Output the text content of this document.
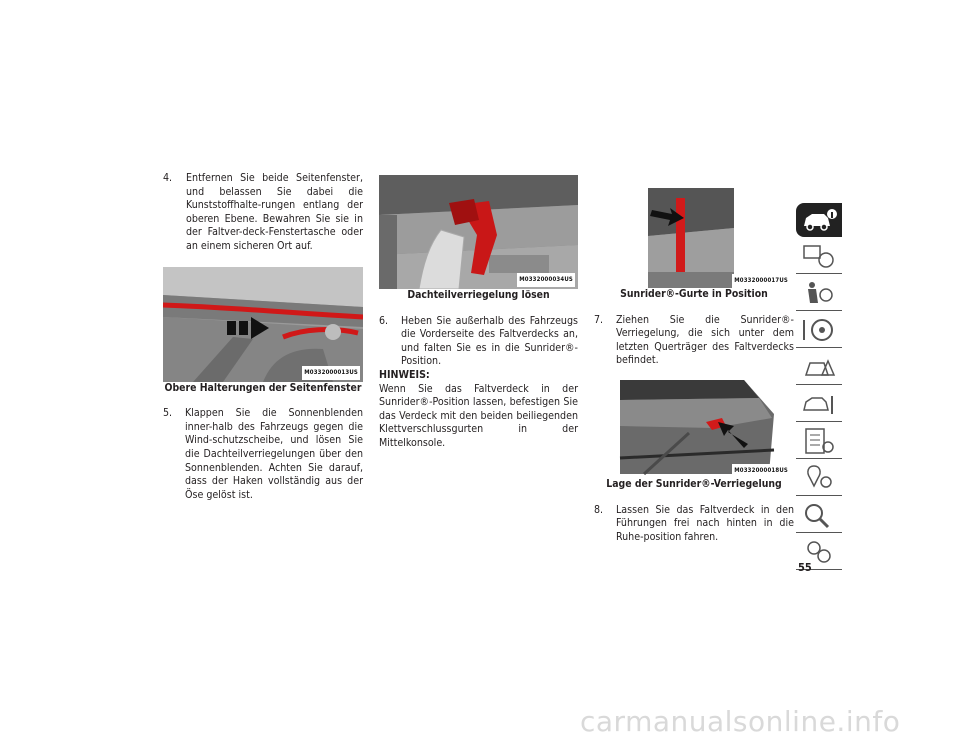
4. Entfernen Sie beide Seitenfenster, und belassen Sie dabei die Kunststoffhalte-rungen entlang der oberen Ebene. Bewahren Sie sie in der Faltver-deck-Fenstertasche oder an einem sicheren Ort auf.

M0332000013US

Obere Halterungen der Seitenfenster

5. Klappen Sie die Sonnenblenden inner-halb des Fahrzeugs gegen die Wind-schutzscheibe, und lösen Sie die Dachteilverriegelungen über den Sonnenblenden. Achten Sie darauf, dass der Haken vollständig aus der Öse gelöst ist.

M0332000034US

Dachteilverriegelung lösen

6. Heben Sie außerhalb des Fahrzeugs die Vorderseite des Faltverdecks an, und falten Sie es in die Sunrider®-Position.

HINWEIS:

Wenn Sie das Faltverdeck in der Sunrider®-Position lassen, befestigen Sie das Verdeck mit den beiden beiliegenden Klettverschlussgurten in der Mittelkonsole.

M0332000017US

Sunrider®-Gurte in Position

7. Ziehen Sie die Sunrider®-Verriegelung, die sich unter dem letzten Querträger des Faltverdecks befindet.

M0332000018US

Lage der Sunrider®-Verriegelung

8. Lassen Sie das Faltverdeck in den Führungen frei nach hinten in die Ruhe-position fahren.

55
carmanualsonline.info
